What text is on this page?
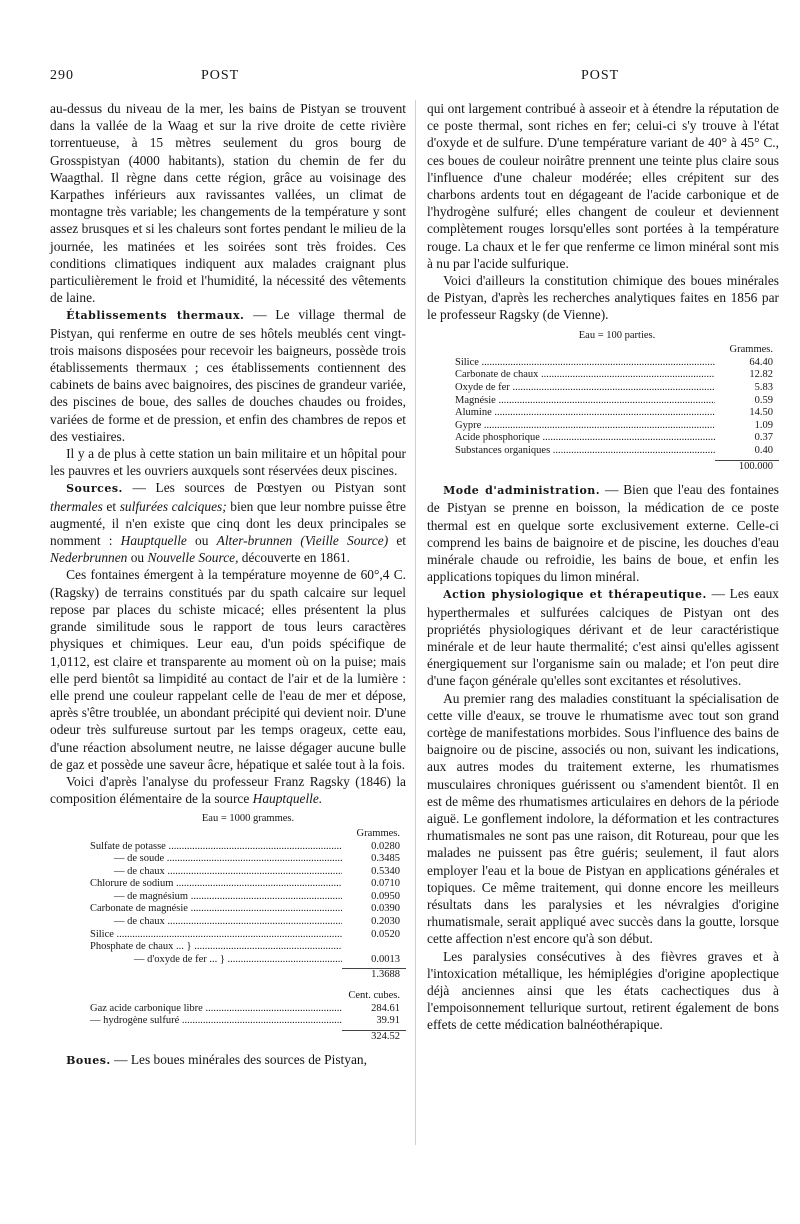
290	POST	POST

au-dessus du niveau de la mer, les bains de Pistyan se trouvent dans la vallée de la Waag et sur la rive droite de cette rivière torrentueuse, à 15 mètres seulement du gros bourg de Grosspistyan (4000 habitants), station du chemin de fer du Waagthal. Il règne dans cette région, grâce au voisinage des Karpathes inférieurs aux ravissantes vallées, un climat de montagne très variable; les changements de la température y sont assez brusques et si les chaleurs sont fortes pendant le milieu de la journée, les matinées et les soirées sont très froides. Ces conditions climatiques indiquent aux malades craignant plus particulièrement le froid et l'humidité, la nécessité des vêtements de laine.

Établissements thermaux. — Le village thermal de Pistyan, qui renferme en outre de ses hôtels meublés cent vingt-trois maisons disposées pour recevoir les baigneurs, possède trois établissements thermaux ; ces établissements contiennent des cabinets de bains avec baignoires, des piscines de grandeur variée, des piscines de boue, des salles de douches chaudes ou froides, variées de forme et de pression, et enfin des chambres de repos et des vestiaires.

Il y a de plus à cette station un bain militaire et un hôpital pour les pauvres et les ouvriers auxquels sont réservées deux piscines.

Sources. — Les sources de Pœstyen ou Pistyan sont thermales et sulfurées calciques; bien que leur nombre puisse être augmenté, il n'en existe que cinq dont les deux principales se nomment : Hauptquelle ou Alter-brunnen (Vieille Source) et Nederbrunnen ou Nouvelle Source, découverte en 1861.

Ces fontaines émergent à la température moyenne de 60°,4 C. (Ragsky) de terrains constitués par du spath calcaire sur lequel repose par places du schiste micacé; elles présentent la plus grande similitude sous le rapport de tous leurs caractères physiques et chimiques. Leur eau, d'un poids spécifique de 1,0112, est claire et transparente au moment où on la puise; mais elle perd bientôt sa limpidité au contact de l'air et de la lumière : elle prend une couleur rappelant celle de l'eau de mer et dépose, après s'être troublée, un abondant précipité qui devient noir. D'une odeur très sulfureuse surtout par les temps orageux, cette eau, d'une réaction absolument neutre, ne laisse dégager aucune bulle de gaz et possède une saveur âcre, hépatique et salée tout à la fois.

Voici d'après l'analyse du professeur Franz Ragsky (1846) la composition élémentaire de la source Hauptquelle.

Eau = 1000 grammes.
Grammes.
Sulfate de potasse .....	0.0280
— de soude .....	0.3485
— de chaux .....	0.5340
Chlorure de sodium .....	0.0710
— de magnésium .....	0.0950
Carbonate de magnésie .....	0.0390
— de chaux .....	0.2030
Silice .....	0.0520
Phosphate de chaux ... } .....
— d'oxyde de fer ... } .....	0.0013
1.3688
Cent. cubes.
Gaz acide carbonique libre .....	284.61
— hydrogène sulfuré .....	39.91
324.52

Boues. — Les boues minérales des sources de Pistyan,

qui ont largement contribué à asseoir et à étendre la réputation de ce poste thermal, sont riches en fer; celui-ci s'y trouve à l'état d'oxyde et de sulfure. D'une température variant de 40° à 45° C., ces boues de couleur noirâtre prennent une teinte plus claire sous l'influence d'une chaleur modérée; elles crépitent sur des charbons ardents tout en dégageant de l'acide carbonique et de l'hydrogène sulfuré; elles changent de couleur et deviennent complètement rouges lorsqu'elles sont portées à la température rouge. La chaux et le fer que renferme ce limon minéral sont mis à nu par l'acide sulfurique.

Voici d'ailleurs la constitution chimique des boues minérales de Pistyan, d'après les recherches analytiques faites en 1856 par le professeur Ragsky (de Vienne).

Eau = 100 parties.
Grammes.
Silice .....	64.40
Carbonate de chaux .....	12.82
Oxyde de fer .....	5.83
Magnésie .....	0.59
Alumine .....	14.50
Gypre .....	1.09
Acide phosphorique .....	0.37
Substances organiques .....	0.40
100.000

Mode d'administration. — Bien que l'eau des fontaines de Pistyan se prenne en boisson, la médication de ce poste thermal est en quelque sorte exclusivement externe. Celle-ci comprend les bains de baignoire et de piscine, les douches d'eau minérale chaude ou refroidie, les bains de boue, et enfin les applications topiques du limon minéral.

Action physiologique et thérapeutique. — Les eaux hyperthermales et sulfurées calciques de Pistyan ont des propriétés physiologiques dérivant et de leur caractéristique minérale et de leur haute thermalité; c'est ainsi qu'elles agissent énergiquement sur l'organisme sain ou malade; et l'on peut dire d'une façon générale qu'elles sont excitantes et résolutives.

Au premier rang des maladies constituant la spécialisation de cette ville d'eaux, se trouve le rhumatisme avec tout son grand cortège de manifestations morbides. Sous l'influence des bains de baignoire ou de piscine, associés ou non, suivant les indications, aux autres modes du traitement externe, les rhumatismes musculaires chroniques guérissent ou s'amendent bientôt. Il en est de même des rhumatismes articulaires en dehors de la période aiguë. Le gonflement indolore, la déformation et les contractures rhumatismales ne sont pas une raison, dit Rotureau, pour que les malades ne puissent pas être guéris; seulement, il faut alors employer l'eau et la boue de Pistyan en applications générales et topiques. Ce même traitement, qui donne encore les meilleurs résultats dans les paralysies et les névralgies d'origine rhumatismale, serait appliqué avec succès dans la goutte, lorsque cette affection n'est encore qu'à son début.

Les paralysies consécutives à des fièvres graves et à l'intoxication métallique, les hémiplégies d'origine apoplectique déjà anciennes ainsi que les états cachectiques dus à l'empoisonnement tellurique surtout, retirent également de bons effets de cette médication balnéothérapique.
